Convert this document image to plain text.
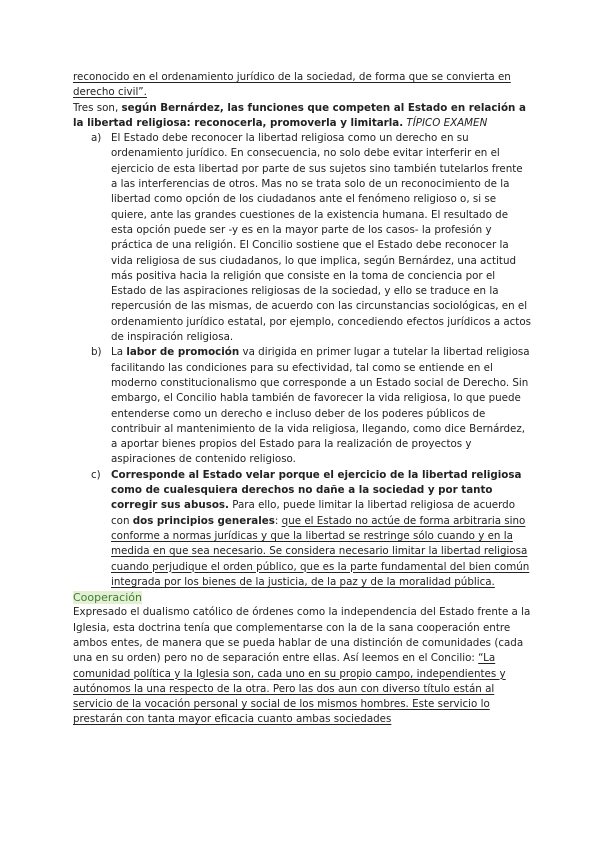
reconocido en el ordenamiento jurídico de la sociedad, de forma que se convierta en derecho civil”.

Tres son, según Bernárdez, las funciones que competen al Estado en relación a la libertad religiosa: reconocerla, promoverla y limitarla. TÍPICO EXAMEN

a) El Estado debe reconocer la libertad religiosa como un derecho en su ordenamiento jurídico. En consecuencia, no solo debe evitar interferir en el ejercicio de esta libertad por parte de sus sujetos sino también tutelarlos frente a las interferencias de otros. Mas no se trata solo de un reconocimiento de la libertad como opción de los ciudadanos ante el fenómeno religioso o, si se quiere, ante las grandes cuestiones de la existencia humana. El resultado de esta opción puede ser -y es en la mayor parte de los casos- la profesión y práctica de una religión. El Concilio sostiene que el Estado debe reconocer la vida religiosa de sus ciudadanos, lo que implica, según Bernárdez, una actitud más positiva hacia la religión que consiste en la toma de conciencia por el Estado de las aspiraciones religiosas de la sociedad, y ello se traduce en la repercusión de las mismas, de acuerdo con las circunstancias sociológicas, en el ordenamiento jurídico estatal, por ejemplo, concediendo efectos jurídicos a actos de inspiración religiosa.
b) La labor de promoción va dirigida en primer lugar a tutelar la libertad religiosa facilitando las condiciones para su efectividad, tal como se entiende en el moderno constitucionalismo que corresponde a un Estado social de Derecho. Sin embargo, el Concilio habla también de favorecer la vida religiosa, lo que puede entenderse como un derecho e incluso deber de los poderes públicos de contribuir al mantenimiento de la vida religiosa, llegando, como dice Bernárdez, a aportar bienes propios del Estado para la realización de proyectos y aspiraciones de contenido religioso.
c) Corresponde al Estado velar porque el ejercicio de la libertad religiosa como de cualesquiera derechos no dañe a la sociedad y por tanto corregir sus abusos. Para ello, puede limitar la libertad religiosa de acuerdo con dos principios generales: que el Estado no actúe de forma arbitraria sino conforme a normas jurídicas y que la libertad se restringe sólo cuando y en la medida en que sea necesario. Se considera necesario limitar la libertad religiosa cuando perjudique el orden público, que es la parte fundamental del bien común integrada por los bienes de la justicia, de la paz y de la moralidad pública.
Cooperación

Expresado el dualismo católico de órdenes como la independencia del Estado frente a la Iglesia, esta doctrina tenía que complementarse con la de la sana cooperación entre ambos entes, de manera que se pueda hablar de una distinción de comunidades (cada una en su orden) pero no de separación entre ellas. Así leemos en el Concilio: “La comunidad política y la Iglesia son, cada uno en su propio campo, independientes y autónomos la una respecto de la otra. Pero las dos aun con diverso título están al servicio de la vocación personal y social de los mismos hombres. Este servicio lo prestarán con tanta mayor eficacia cuanto ambas sociedades
